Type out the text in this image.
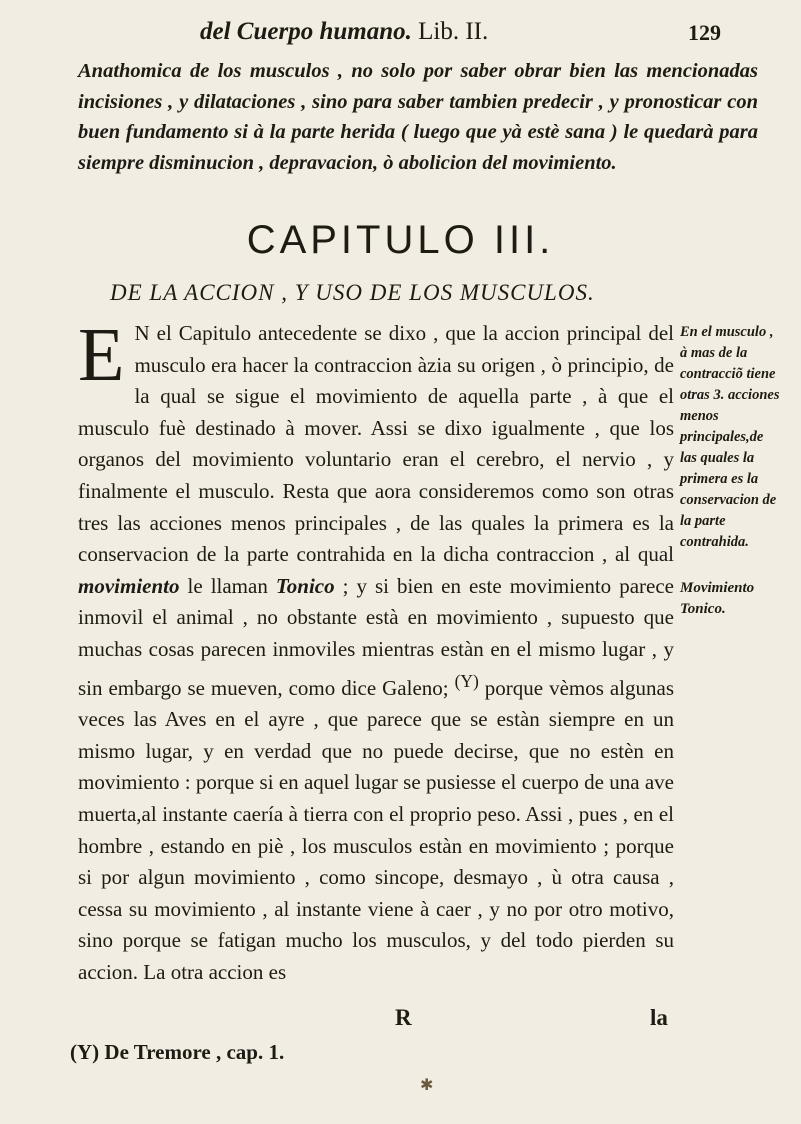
del Cuerpo humano. Lib. II.	129
Anathomica de los musculos , no solo por saber obrar bien las mencionadas incisiones , y dilataciones , sino para saber tambien predecir , y pronosticar con buen fundamento si à la parte herida ( luego que yà estè sana ) le quedarà para siempre disminucion , depravacion, ò abolicion del movimiento.
CAPITULO III.
DE LA ACCION , Y USO DE LOS MUSCULOS.
E N el Capitulo antecedente se dixo , que la accion principal del musculo era hacer la contraccion àzia su origen , ò principio, de la qual se sigue el movimiento de aquella parte , à que el musculo fuè destinado à mover. Assi se dixo igualmente , que los organos del movimiento voluntario eran el cerebro, el nervio , y finalmente el musculo. Resta que aora consideremos como son otras tres las acciones menos principales , de las quales la primera es la conservacion de la parte contrahida en la dicha contraccion , al qual movimiento le llaman Tonico ; y si bien en este movimiento parece inmovil el animal , no obstante està en movimiento , supuesto que muchas cosas parecen inmoviles mientras estàn en el mismo lugar , y sin embargo se mueven, como dice Galeno; $^{(Y)}$ porque vèmos algunas veces las Aves en el ayre , que parece que se estàn siempre en un mismo lugar, y en verdad que no puede decirse, que no estèn en movimiento : porque si en aquel lugar se pusiesse el cuerpo de una ave muerta,al instante caería à tierra con el proprio peso. Assi , pues , en el hombre , estando en piè , los musculos estàn en movimiento ; porque si por algun movimiento , como sincope, desmayo , ù otra causa , cessa su movimiento , al instante viene à caer , y no por otro motivo, sino porque se fatigan mucho los musculos, y del todo pierden su accion. La otra accion es
En el musculo , à mas de la contracciõ tiene otras 3. acciones menos principales,de las quales la primera es la conservacion de la parte contrahida.
Movimiento Tonico.
R	la
(Y) De Tremore , cap. 1.
✱
